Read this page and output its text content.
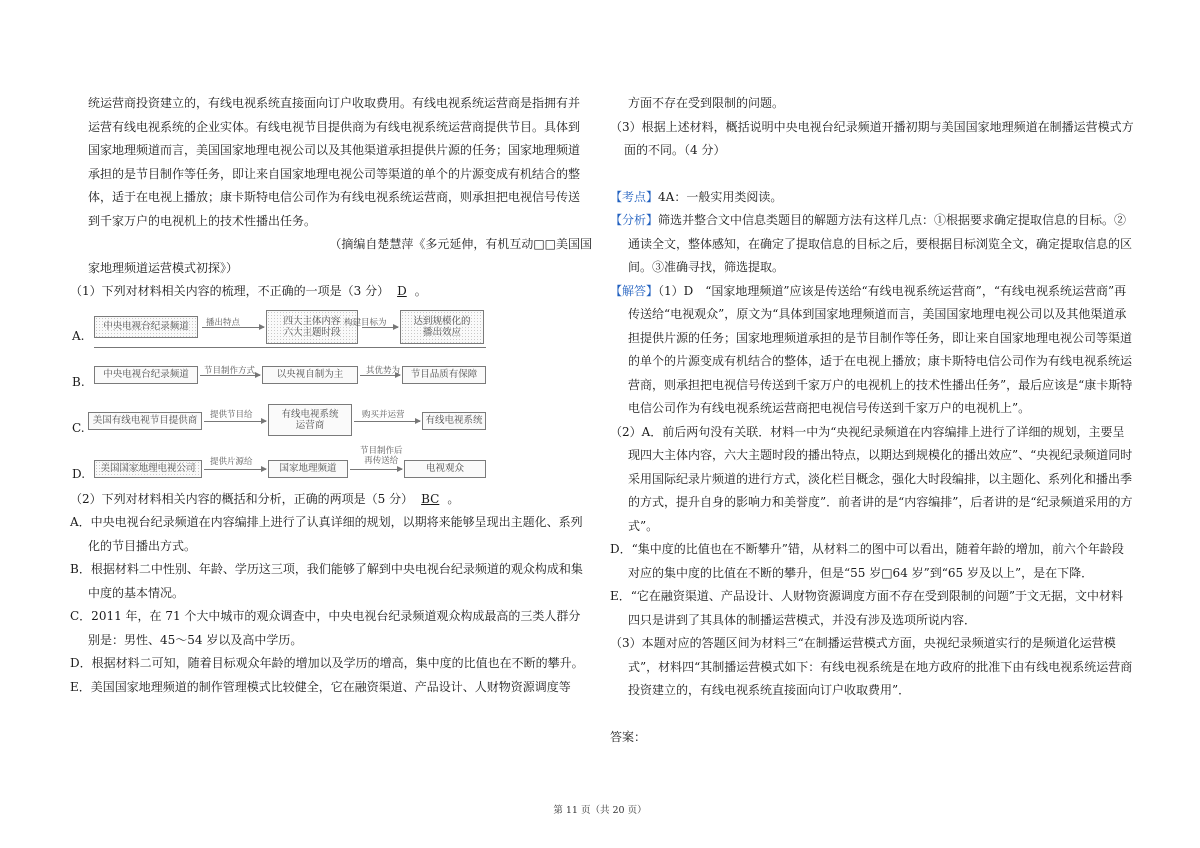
统运营商投资建立的，有线电视系统直接面向订户收取费用。有线电视系统运营商是指拥有并

运营有线电视系统的企业实体。有线电视节目提供商为有线电视系统运营商提供节目。具体到

国家地理频道而言，美国国家地理电视公司以及其他渠道承担提供片源的任务；国家地理频道

承担的是节目制作等任务，即让来自国家地理电视公司等渠道的单个的片源变成有机结合的整体，适于在电视上播放；康卡斯特电信公司作为有线电视系统运营商，则承担把电视信号传送

到千家万户的电视机上的技术性播出任务。

（摘编自楚慧萍《多元延伸，有机互动□□美国国

家地理频道运营模式初探》）

（1）下列对材料相关内容的梳理，不正确的一项是（3 分） D 。

A.
中央电视台纪录频道	播出特点	四大主体内容
六大主题时段
构建目标为	达到规模化的
播出效应
B.
中央电视台纪录频道	节目制作方式	以央视自制为主	其优势为	节目品质有保障
C.
美国有线电视节目提供商
提供节目给	有线电视系统
运营商
购买并运营
有线电视系统
D.	美国国家地理电视公司
提供片源给
国家地理频道
节目制作后
再传送给
电视观众

（2）下列对材料相关内容的概括和分析，正确的两项是（5 分） BC 。

A．中央电视台纪录频道在内容编排上进行了认真详细的规划，以期将来能够呈现出主题化、系列化的节目播出方式。

B．根据材料二中性别、年龄、学历这三项，我们能够了解到中央电视台纪录频道的观众构成和集中度的基本情况。

C．2011 年，在 71 个大中城市的观众调查中，中央电视台纪录频道观众构成最高的三类人群分别是：男性、45～54 岁以及高中学历。

D．根据材料二可知，随着目标观众年龄的增加以及学历的增高，集中度的比值也在不断的攀升。

E．美国国家地理频道的制作管理模式比较健全，它在融资渠道、产品设计、人财物资源调度等

方面不存在受到限制的问题。

（3）根据上述材料，概括说明中央电视台纪录频道开播初期与美国国家地理频道在制播运营模式方面的不同。（4 分）

【考点】4A：一般实用类阅读。

【分析】筛选并整合文中信息类题目的解题方法有这样几点：①根据要求确定提取信息的目标。②通读全文，整体感知，在确定了提取信息的目标之后，要根据目标浏览全文，确定提取信息的区间。③准确寻找，筛选提取。

【解答】（1）D　“国家地理频道”应该是传送给“有线电视系统运营商”，“有线电视系统运营商”再传送给“电视观众”，原文为“具体到国家地理频道而言，美国国家地理电视公司以及其他渠道承担提供片源的任务；国家地理频道承担的是节目制作等任务，即让来自国家地理电视公司等渠道的单个的片源变成有机结合的整体，适于在电视上播放；康卡斯特电信公司作为有线电视系统运营商，则承担把电视信号传送到千家万户的电视机上的技术性播出任务”，最后应该是“康卡斯特电信公司作为有线电视系统运营商把电视信号传送到千家万户的电视机上”。

（2）A．前后两句没有关联．材料一中为“央视纪录频道在内容编排上进行了详细的规划，主要呈现四大主体内容，六大主题时段的播出特点，以期达到规模化的播出效应”、“央视纪录频道同时采用国际纪录片频道的进行方式，淡化栏目概念，强化大时段编排，以主题化、系列化和播出季的方式，提升自身的影响力和美誉度”．前者讲的是“内容编排”，后者讲的是“纪录频道采用的方式”。

D．“集中度的比值也在不断攀升”错，从材料二的图中可以看出，随着年龄的增加，前六个年龄段对应的集中度的比值在不断的攀升，但是“55 岁□64 岁”到“65 岁及以上”，是在下降．

E．“它在融资渠道、产品设计、人财物资源调度方面不存在受到限制的问题”于文无据，文中材料四只是讲到了其具体的制播运营模式，并没有涉及选项所说内容．

（3）本题对应的答题区间为材料三“在制播运营模式方面，央视纪录频道实行的是频道化运营模式”，材料四“其制播运营模式如下：有线电视系统是在地方政府的批准下由有线电视系统运营商投资建立的，有线电视系统直接面向订户收取费用”．

答案：

第 11 页（共 20 页）
